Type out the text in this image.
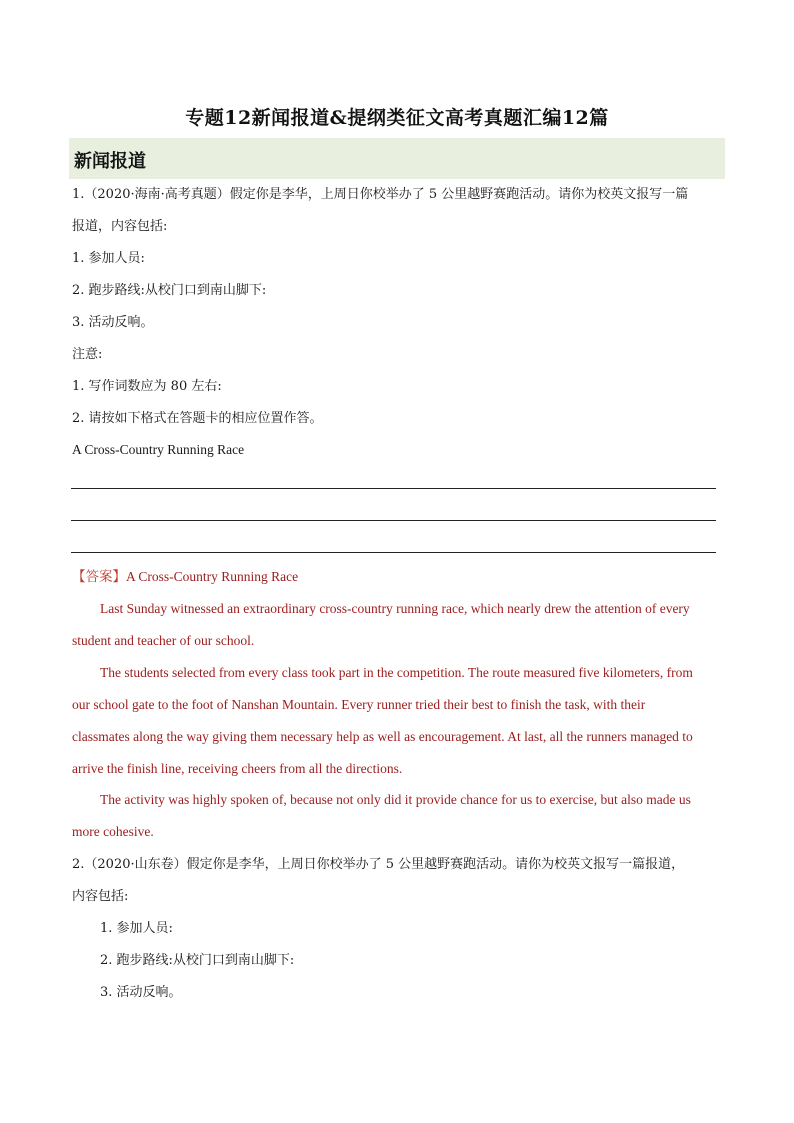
专题12新闻报道&提纲类征文高考真题汇编12篇
新闻报道
1.（2020·海南·高考真题）假定你是李华，上周日你校举办了 5 公里越野赛跑活动。请你为校英文报写一篇
报道，内容包括:
1. 参加人员:
2. 跑步路线:从校门口到南山脚下:
3. 活动反响。
注意:
1. 写作词数应为 80 左右:
2. 请按如下格式在答题卡的相应位置作答。
A Cross-Country Running Race
【答案】A Cross-Country Running Race
Last Sunday witnessed an extraordinary cross-country running race, which nearly drew the attention of every
student and teacher of our school.
The students selected from every class took part in the competition. The route measured five kilometers, from
our school gate to the foot of Nanshan Mountain. Every runner tried their best to finish the task, with their
classmates along the way giving them necessary help as well as encouragement. At last, all the runners managed to
arrive the finish line, receiving cheers from all the directions.
The activity was highly spoken of, because not only did it provide chance for us to exercise, but also made us
more cohesive.
2.（2020·山东卷）假定你是李华，上周日你校举办了 5 公里越野赛跑活动。请你为校英文报写一篇报道，
内容包括:
1. 参加人员:
2. 跑步路线:从校门口到南山脚下:
3. 活动反响。
